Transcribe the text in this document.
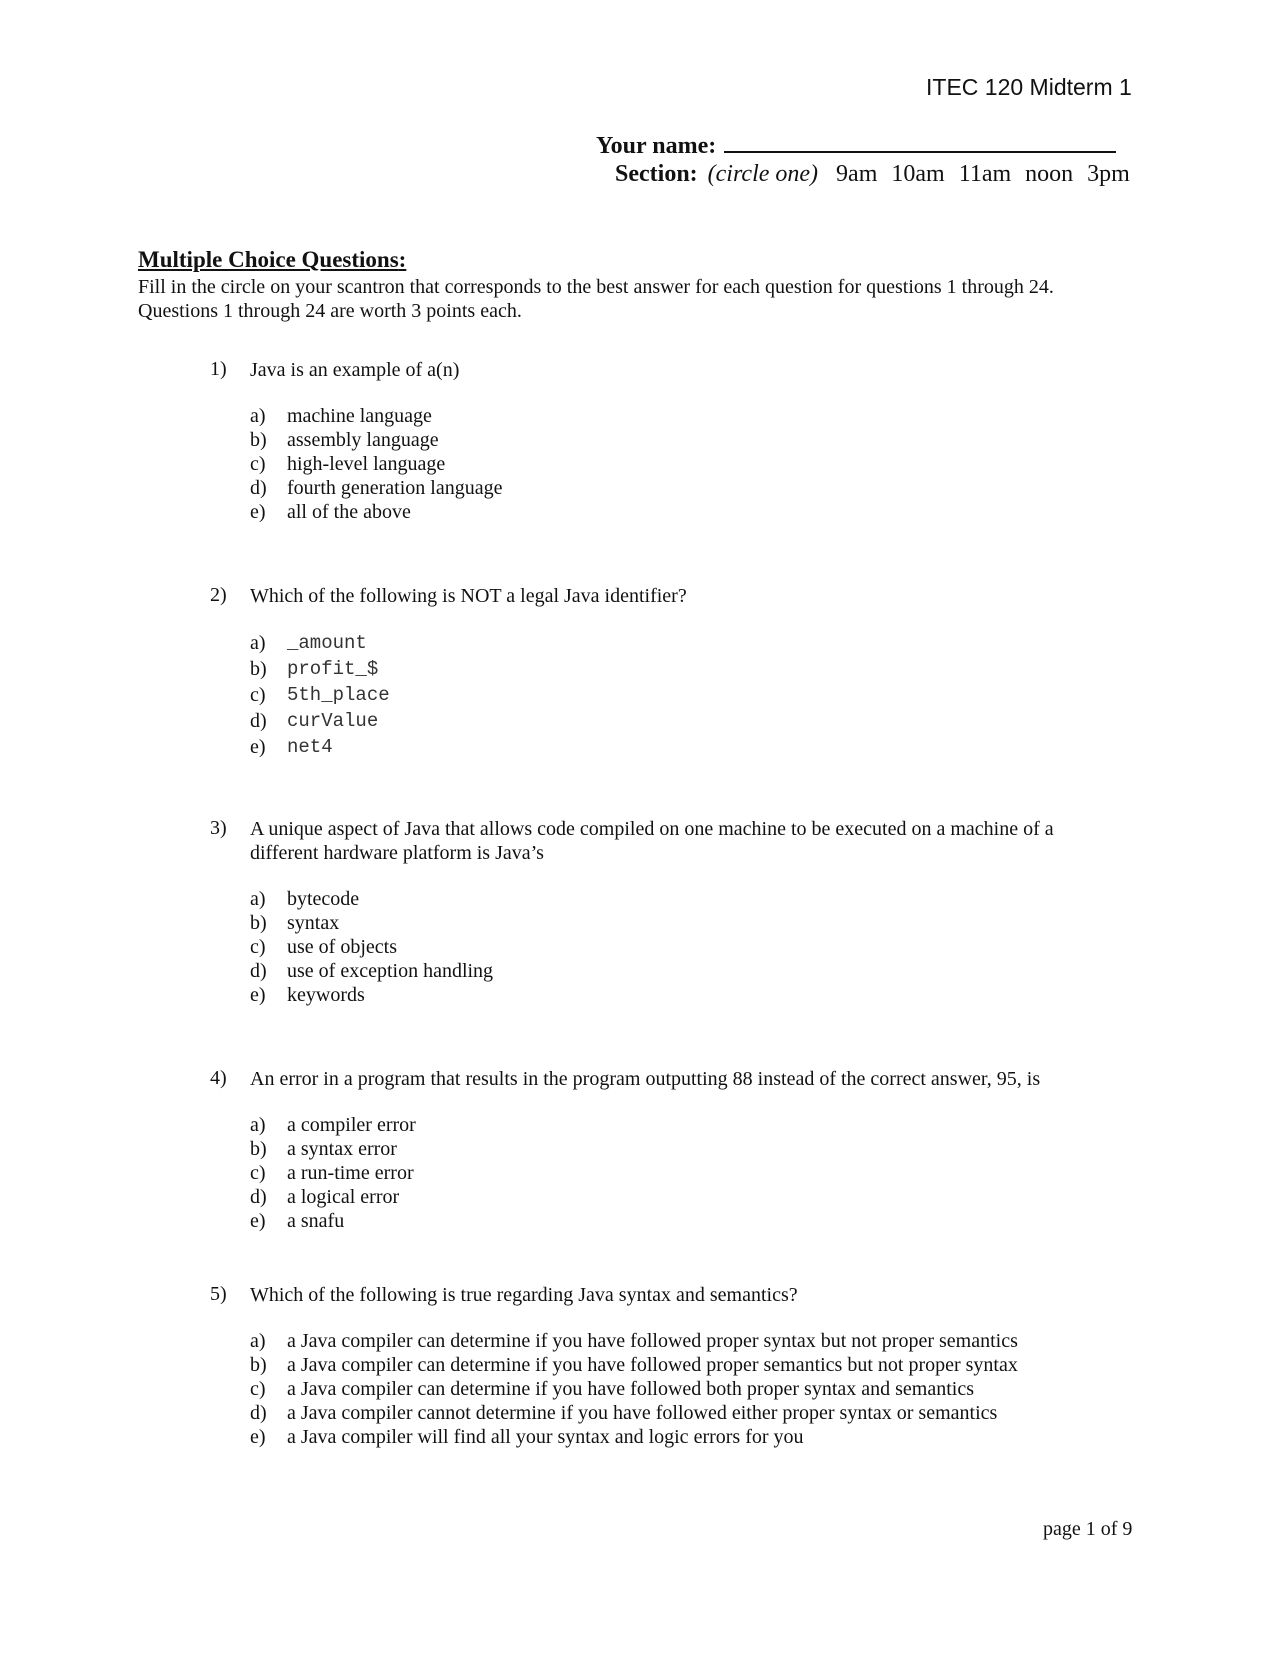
ITEC 120 Midterm 1
Your name:
Section: (circle one) 9am 10am 11am noon 3pm
Multiple Choice Questions:
Fill in the circle on your scantron that corresponds to the best answer for each question for questions 1 through 24.
Questions 1 through 24 are worth 3 points each.
1)	Java is an example of a(n)
a)	machine language
b)	assembly language
c)	high-level language
d)	fourth generation language
e)	all of the above
2)	Which of the following is NOT a legal Java identifier?
a)	_amount
b)	profit_$
c)	5th_place
d)	curValue
e)	net4
3)	A unique aspect of Java that allows code compiled on one machine to be executed on a machine of a different hardware platform is Java’s
a)	bytecode
b)	syntax
c)	use of objects
d)	use of exception handling
e)	keywords
4)	An error in a program that results in the program outputting 88 instead of the correct answer, 95, is
a)	a compiler error
b)	a syntax error
c)	a run-time error
d)	a logical error
e)	a snafu
5)	Which of the following is true regarding Java syntax and semantics?
a)	a Java compiler can determine if you have followed proper syntax but not proper semantics
b)	a Java compiler can determine if you have followed proper semantics but not proper syntax
c)	a Java compiler can determine if you have followed both proper syntax and semantics
d)	a Java compiler cannot determine if you have followed either proper syntax or semantics
e)	a Java compiler will find all your syntax and logic errors for you
page 1 of 9
